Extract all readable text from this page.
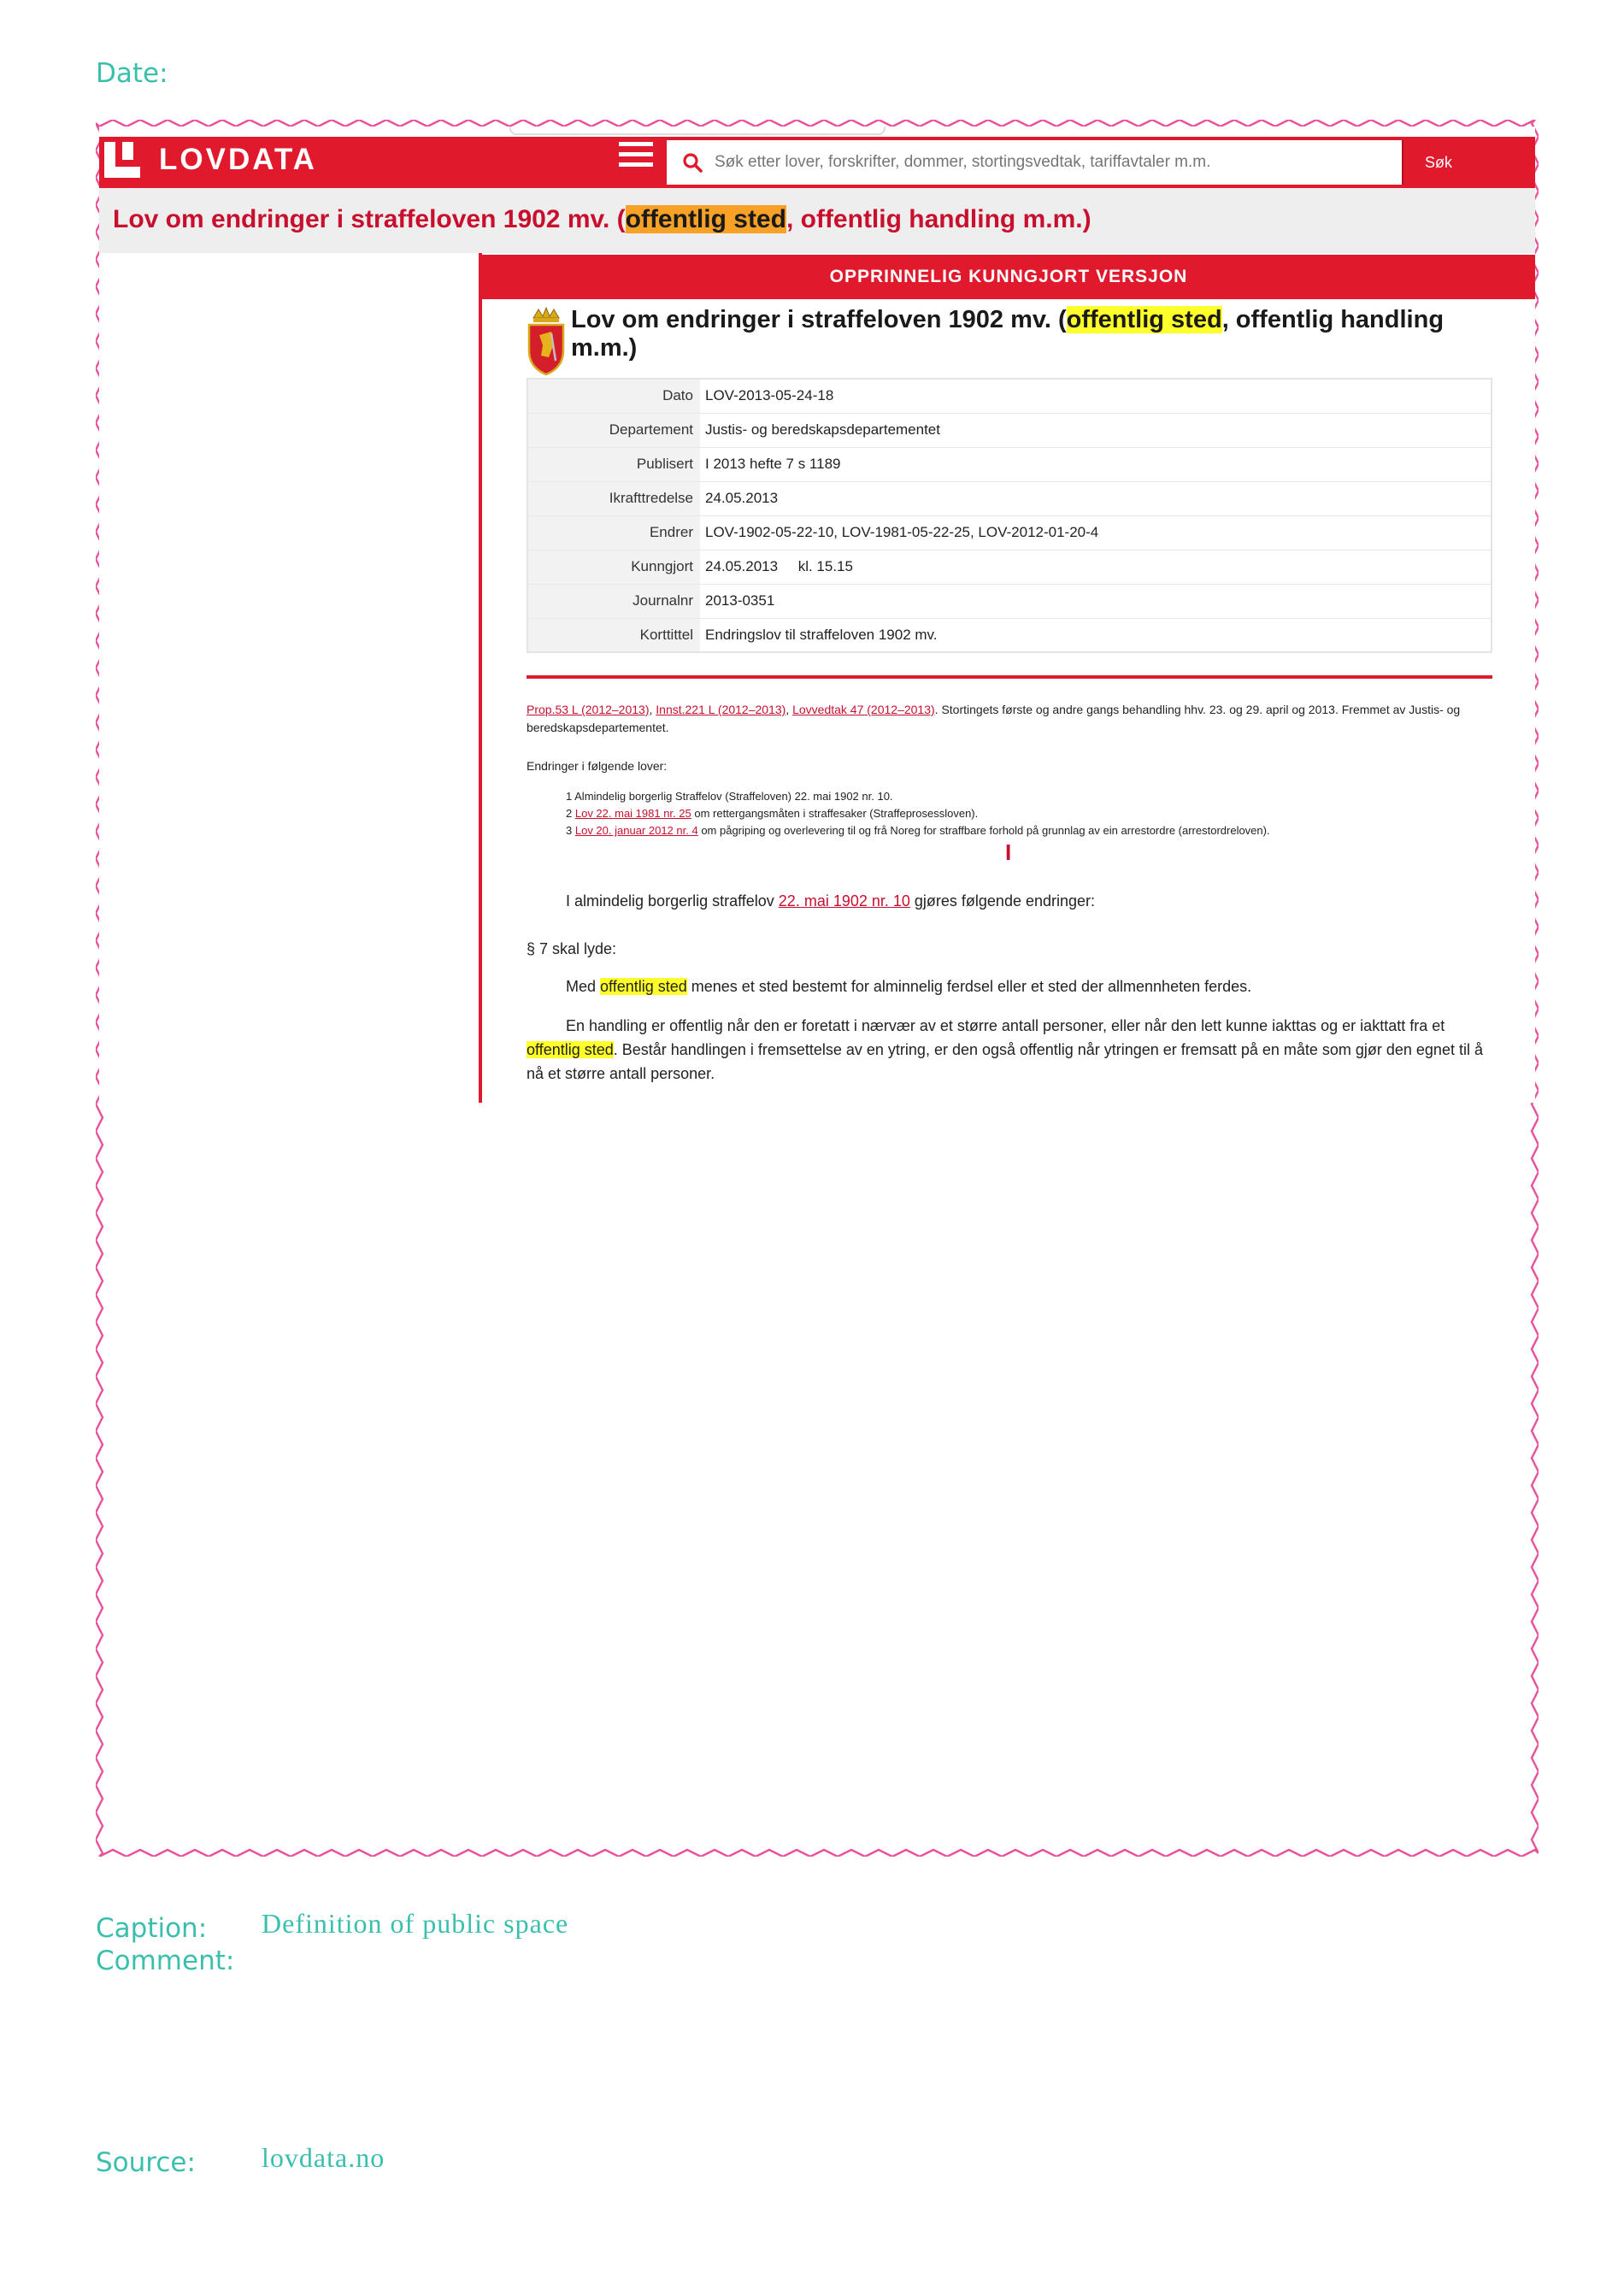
Date:
LOVDATA
Søk etter lover, forskrifter, dommer, stortingsvedtak, tariffavtaler m.m.	Søk
Lov om endringer i straffeloven 1902 mv. (offentlig sted, offentlig handling m.m.)
OPPRINNELIG KUNNGJORT VERSJON
Lov om endringer i straffeloven 1902 mv. (offentlig sted, offentlig handling m.m.)
Dato	LOV-2013-05-24-18
Departement	Justis- og beredskapsdepartementet
Publisert	I 2013 hefte 7 s 1189
Ikrafttredelse	24.05.2013
Endrer	LOV-1902-05-22-10, LOV-1981-05-22-25, LOV-2012-01-20-4
Kunngjort	24.05.2013     kl. 15.15
Journalnr	2013-0351
Korttittel	Endringslov til straffeloven 1902 mv.
Prop.53 L (2012–2013), Innst.221 L (2012–2013), Lovvedtak 47 (2012–2013). Stortingets første og andre gangs behandling hhv. 23. og 29. april og 2013. Fremmet av Justis- og beredskapsdepartementet.
Endringer i følgende lover:
1 Almindelig borgerlig Straffelov (Straffeloven) 22. mai 1902 nr. 10.
2 Lov 22. mai 1981 nr. 25 om rettergangsmåten i straffesaker (Straffeprosessloven).
3 Lov 20. januar 2012 nr. 4 om pågriping og overlevering til og frå Noreg for straffbare forhold på grunnlag av ein arrestordre (arrestordreloven).
I
I almindelig borgerlig straffelov 22. mai 1902 nr. 10 gjøres følgende endringer:
§ 7 skal lyde:
Med offentlig sted menes et sted bestemt for alminnelig ferdsel eller et sted der allmennheten ferdes.
En handling er offentlig når den er foretatt i nærvær av et større antall personer, eller når den lett kunne iakttas og er iakttatt fra et offentlig sted. Består handlingen i fremsettelse av en ytring, er den også offentlig når ytringen er fremsatt på en måte som gjør den egnet til å nå et større antall personer.
Caption: Definition of public space
Comment:
Source: lovdata.no
